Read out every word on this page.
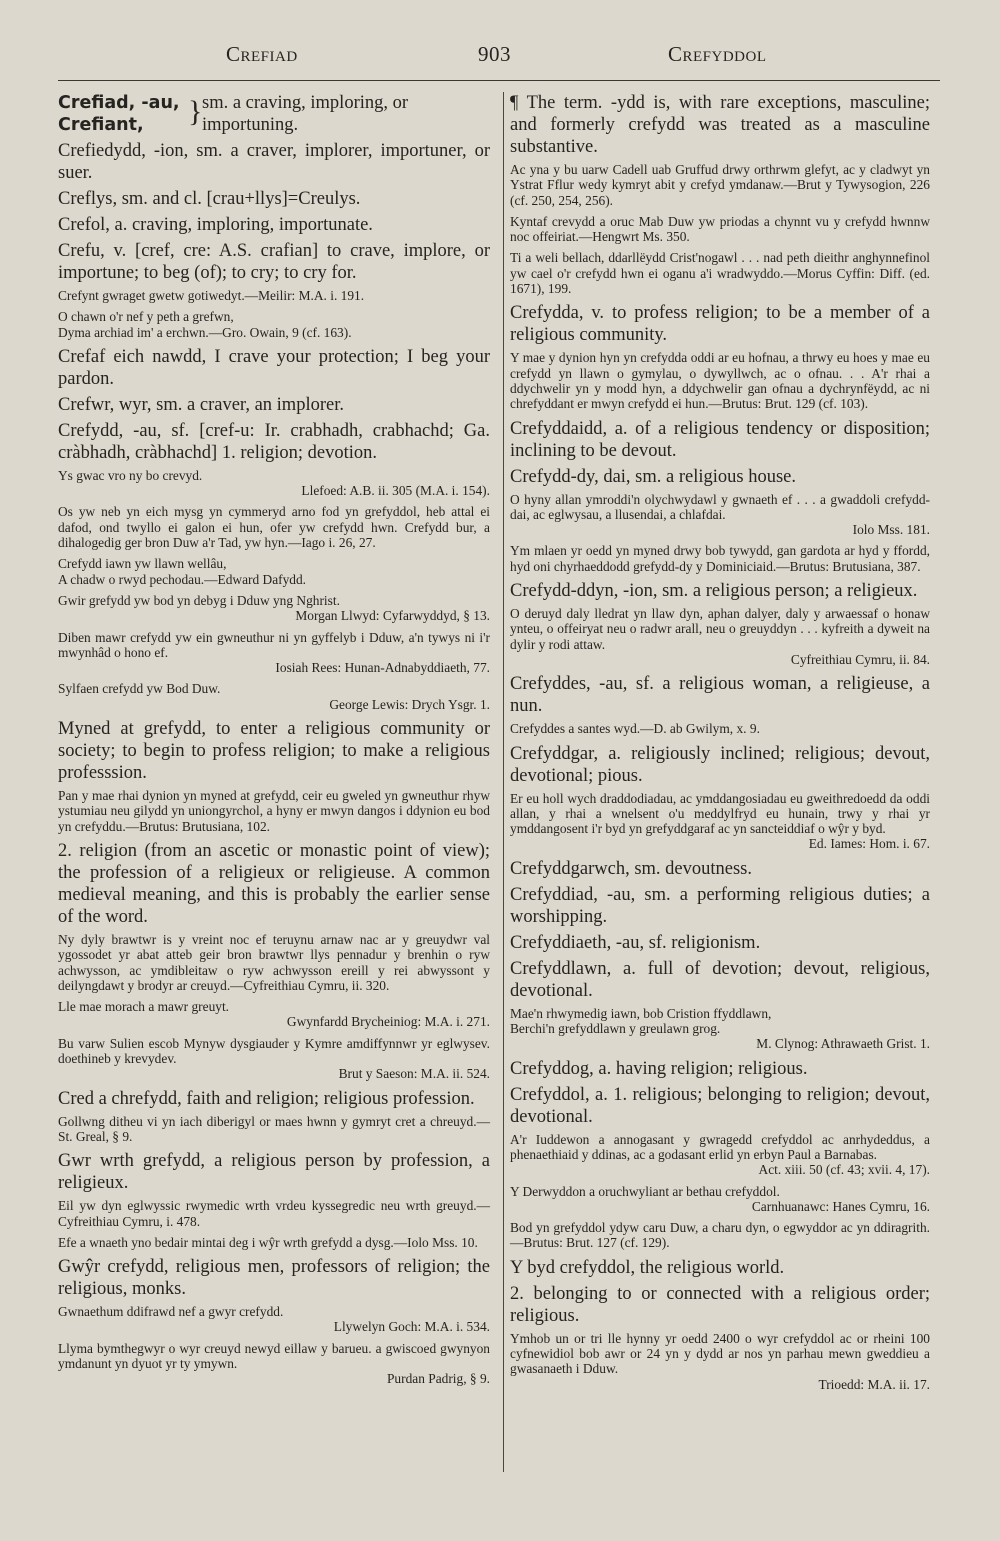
Crefiad	903	Crefyddol
Crefiad, -au,
Crefiant,	} sm. a craving, imploring, or importuning.

Crefiedydd, -ion, sm. a craver, implorer, importuner, or suer.

Creflys, sm. and cl. [crau+llys]=Creulys.

Crefol, a. craving, imploring, importunate.

Crefu, v. [cref, cre: A.S. crafian] to crave, implore, or importune; to beg (of); to cry; to cry for.

Crefynt gwraget gwetw gotiwedyt.—Meilir: M.A. i. 191.

O chawn o'r nef y peth a grefwn,
Dyma archiad im' a erchwn.—Gro. Owain, 9 (cf. 163).

Crefaf eich nawdd, I crave your protection; I beg your pardon.

Crefwr, wyr, sm. a craver, an implorer.

Crefydd, -au, sf. [cref-u: Ir. crabhadh, crabhachd; Ga. cràbhadh, cràbhachd] 1. religion; devotion.

Ys gwac vro ny bo crevyd.
Llefoed: A.B. ii. 305 (M.A. i. 154).

Os yw neb yn eich mysg yn cymmeryd arno fod yn grefyddol, heb attal ei dafod, ond twyllo ei galon ei hun, ofer yw crefydd hwn. Crefydd bur, a dihalogedig ger bron Duw a'r Tad, yw hyn.—Iago i. 26, 27.

Crefydd iawn yw llawn wellâu,
A chadw o rwyd pechodau.—Edward Dafydd.
Gwir grefydd yw bod yn debyg i Dduw yng Nghrist.
Morgan Llwyd: Cyfarwyddyd, § 13.
Diben mawr crefydd yw ein gwneuthur ni yn gyffelyb i Dduw, a'n tywys ni i'r mwynhâd o hono ef.
Iosiah Rees: Hunan-Adnabyddiaeth, 77.
Sylfaen crefydd yw Bod Duw.
George Lewis: Drych Ysgr. 1.

Myned at grefydd, to enter a religious community or society; to begin to profess religion; to make a religious professsion.

Pan y mae rhai dynion yn myned at grefydd, ceir eu gweled yn gwneuthur rhyw ystumiau neu gilydd yn uniongyrchol, a hyny er mwyn dangos i ddynion eu bod yn crefyddu.—Brutus: Brutusiana, 102.

2. religion (from an ascetic or monastic point of view); the profession of a religieux or religieuse. A common medieval meaning, and this is probably the earlier sense of the word.

Ny dyly brawtwr is y vreint noc ef teruynu arnaw nac ar y greuydwr val ygossodet yr abat atteb geir bron brawtwr llys pennadur y brenhin o ryw achwysson, ac ymdibleitaw o ryw achwysson ereill y rei abwyssont y deilyngdawt y brodyr ar creuyd.—Cyfreithiau Cymru, ii. 320.

Lle mae morach a mawr greuyt.
Gwynfardd Brycheiniog: M.A. i. 271.
Bu varw Sulien escob Mynyw dysgiauder y Kymre amdiffynnwr yr eglwysev. doethineb y krevydev.
Brut y Saeson: M.A. ii. 524.

Cred a chrefydd, faith and religion; religious profession.

Gollwng ditheu vi yn iach diberigyl or maes hwnn y gymryt cret a chreuyd.—St. Greal, § 9.

Gwr wrth grefydd, a religious person by profession, a religieux.

Eil yw dyn eglwyssic rwymedic wrth vrdeu kyssegredic neu wrth greuyd.—Cyfreithiau Cymru, i. 478.

Efe a wnaeth yno bedair mintai deg i wŷr wrth grefydd a dysg.—Iolo Mss. 10.

Gwŷr crefydd, religious men, professors of religion; the religious, monks.

Gwnaethum ddifrawd nef a gwyr crefydd.
Llywelyn Goch: M.A. i. 534.
Llyma bymthegwyr o wyr creuyd newyd eillaw y barueu. a gwiscoed gwynyon ymdanunt yn dyuot yr ty ymywn.
Purdan Padrig, § 9.

¶ The term. -ydd is, with rare exceptions, masculine; and formerly crefydd was treated as a masculine substantive.

Ac yna y bu uarw Cadell uab Gruffud drwy orthrwm glefyt, ac y cladwyt yn Ystrat Fflur wedy kymryt abit y crefyd ymdanaw.—Brut y Tywysogion, 226 (cf. 250, 254, 256).

Kyntaf crevydd a oruc Mab Duw yw priodas a chynnt vu y crefydd hwnnw noc offeiriat.—Hengwrt Ms. 350.

Ti a weli bellach, ddarllëydd Crist'nogawl . . . nad peth dieithr anghynnefinol yw cael o'r crefydd hwn ei oganu a'i wradwyddo.—Morus Cyffin: Diff. (ed. 1671), 199.

Crefydda, v. to profess religion; to be a member of a religious community.

Y mae y dynion hyn yn crefydda oddi ar eu hofnau, a thrwy eu hoes y mae eu crefydd yn llawn o gymylau, o dywyllwch, ac o ofnau. . . A'r rhai a ddychwelir yn y modd hyn, a ddychwelir gan ofnau a dychrynfëydd, ac ni chrefyddant er mwyn crefydd ei hun.—Brutus: Brut. 129 (cf. 103).

Crefyddaidd, a. of a religious tendency or disposition; inclining to be devout.

Crefydd-dy, dai, sm. a religious house.

O hyny allan ymroddi'n olychwydawl y gwnaeth ef . . . a gwaddoli crefydd-dai, ac eglwysau, a llusendai, a chlafdai.
Iolo Mss. 181.

Ym mlaen yr oedd yn myned drwy bob tywydd, gan gardota ar hyd y ffordd, hyd oni chyrhaeddodd grefydd-dy y Dominiciaid.—Brutus: Brutusiana, 387.

Crefydd-ddyn, -ion, sm. a religious person; a religieux.

O deruyd daly lledrat yn llaw dyn, aphan dalyer, daly y arwaessaf o honaw ynteu, o offeiryat neu o radwr arall, neu o greuyddyn . . . kyfreith a dyweit na dylir y rodi attaw.
Cyfreithiau Cymru, ii. 84.

Crefyddes, -au, sf. a religious woman, a religieuse, a nun.

Crefyddes a santes wyd.—D. ab Gwilym, x. 9.

Crefyddgar, a. religiously inclined; religious; devout, devotional; pious.

Er eu holl wych draddodiadau, ac ymddangosiadau eu gweithredoedd da oddi allan, y rhai a wnelsent o'u meddylfryd eu hunain, trwy y rhai yr ymddangosent i'r byd yn grefyddgaraf ac yn sancteiddiaf o wŷr y byd.
Ed. Iames: Hom. i. 67.

Crefyddgarwch, sm. devoutness.

Crefyddiad, -au, sm. a performing religious duties; a worshipping.

Crefyddiaeth, -au, sf. religionism.

Crefyddlawn, a. full of devotion; devout, religious, devotional.

Mae'n rhwymedig iawn, bob Cristion ffyddlawn,
Berchi'n grefyddlawn y greulawn grog.
M. Clynog: Athrawaeth Grist. 1.

Crefyddog, a. having religion; religious.

Crefyddol, a. 1. religious; belonging to religion; devout, devotional.

A'r Iuddewon a annogasant y gwragedd crefyddol ac anrhydeddus, a phenaethiaid y ddinas, ac a godasant erlid yn erbyn Paul a Barnabas.
Act. xiii. 50 (cf. 43; xvii. 4, 17).
Y Derwyddon a oruchwyliant ar bethau crefyddol.
Carnhuanawc: Hanes Cymru, 16.

Bod yn grefyddol ydyw caru Duw, a charu dyn, o egwyddor ac yn ddiragrith.—Brutus: Brut. 127 (cf. 129).

Y byd crefyddol, the religious world.

2. belonging to or connected with a religious order; religious.

Ymhob un or tri lle hynny yr oedd 2400 o wyr crefyddol ac or rheini 100 cyfnewidiol bob awr or 24 yn y dydd ar nos yn parhau mewn gweddieu a gwasanaeth i Dduw.
Trioedd: M.A. ii. 17.
